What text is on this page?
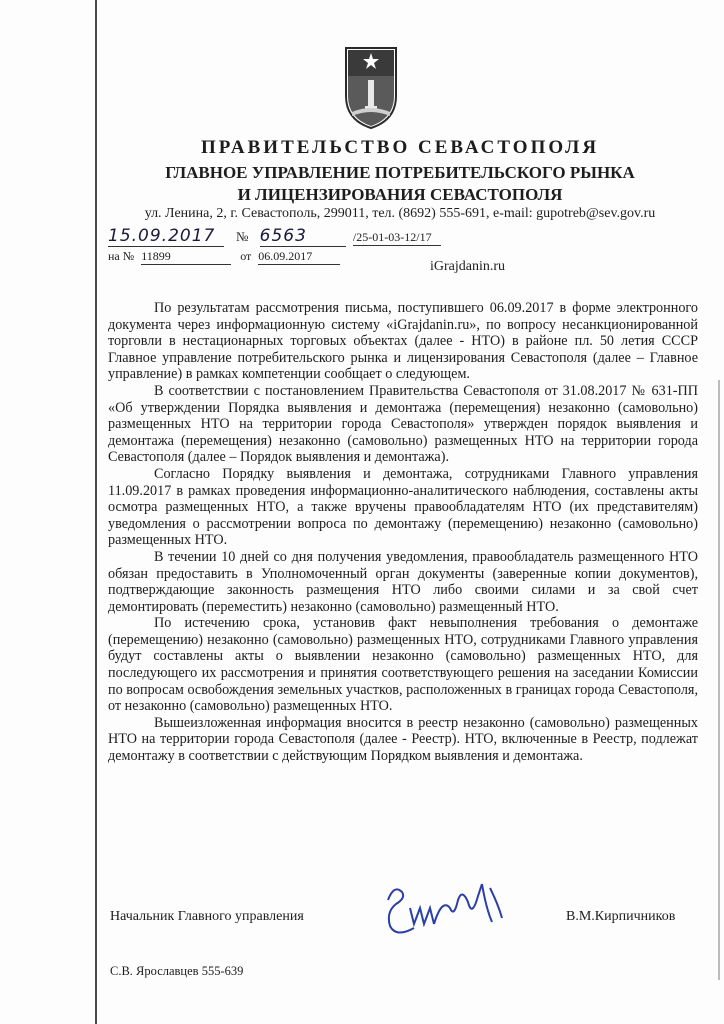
ПРАВИТЕЛЬСТВО СЕВАСТОПОЛЯ
ГЛАВНОЕ УПРАВЛЕНИЕ ПОТРЕБИТЕЛЬСКОГО РЫНКА
И ЛИЦЕНЗИРОВАНИЯ СЕВАСТОПОЛЯ
ул. Ленина, 2, г. Севастополь, 299011, тел. (8692) 555-691, e-mail: gupotreb@sev.gov.ru
15.09.2017	№ 6563	/25-01-03-12/17
на № 11899	от 06.09.2017
iGrajdanin.ru

По результатам рассмотрения письма, поступившего 06.09.2017 в форме электронного документа через информационную систему «iGrajdanin.ru», по вопросу несанкционированной торговли в нестационарных торговых объектах (далее - НТО) в районе пл. 50 летия СССР Главное управление потребительского рынка и лицензирования Севастополя (далее – Главное управление) в рамках компетенции сообщает о следующем.

В соответствии с постановлением Правительства Севастополя от 31.08.2017 № 631-ПП «Об утверждении Порядка выявления и демонтажа (перемещения) незаконно (самовольно) размещенных НТО на территории города Севастополя» утвержден порядок выявления и демонтажа (перемещения) незаконно (самовольно) размещенных НТО на территории города Севастополя (далее – Порядок выявления и демонтажа).

Согласно Порядку выявления и демонтажа, сотрудниками Главного управления 11.09.2017 в рамках проведения информационно-аналитического наблюдения, составлены акты осмотра размещенных НТО, а также вручены правообладателям НТО (их представителям) уведомления о рассмотрении вопроса по демонтажу (перемещению) незаконно (самовольно) размещенных НТО.

В течении 10 дней со дня получения уведомления, правообладатель размещенного НТО обязан предоставить в Уполномоченный орган документы (заверенные копии документов), подтверждающие законность размещения НТО либо своими силами и за свой счет демонтировать (переместить) незаконно (самовольно) размещенный НТО.

По истечению срока, установив факт невыполнения требования о демонтаже (перемещению) незаконно (самовольно) размещенных НТО, сотрудниками Главного управления будут составлены акты о выявлении незаконно (самовольно) размещенных НТО, для последующего их рассмотрения и принятия соответствующего решения на заседании Комиссии по вопросам освобождения земельных участков, расположенных в границах города Севастополя, от незаконно (самовольно) размещенных НТО.

Вышеизложенная информация вносится в реестр незаконно (самовольно) размещенных НТО на территории города Севастополя (далее - Реестр). НТО, включенные в Реестр, подлежат демонтажу в соответствии с действующим Порядком выявления и демонтажа.

Начальник Главного управления	В.М.Кирпичников
С.В. Ярославцев 555-639
